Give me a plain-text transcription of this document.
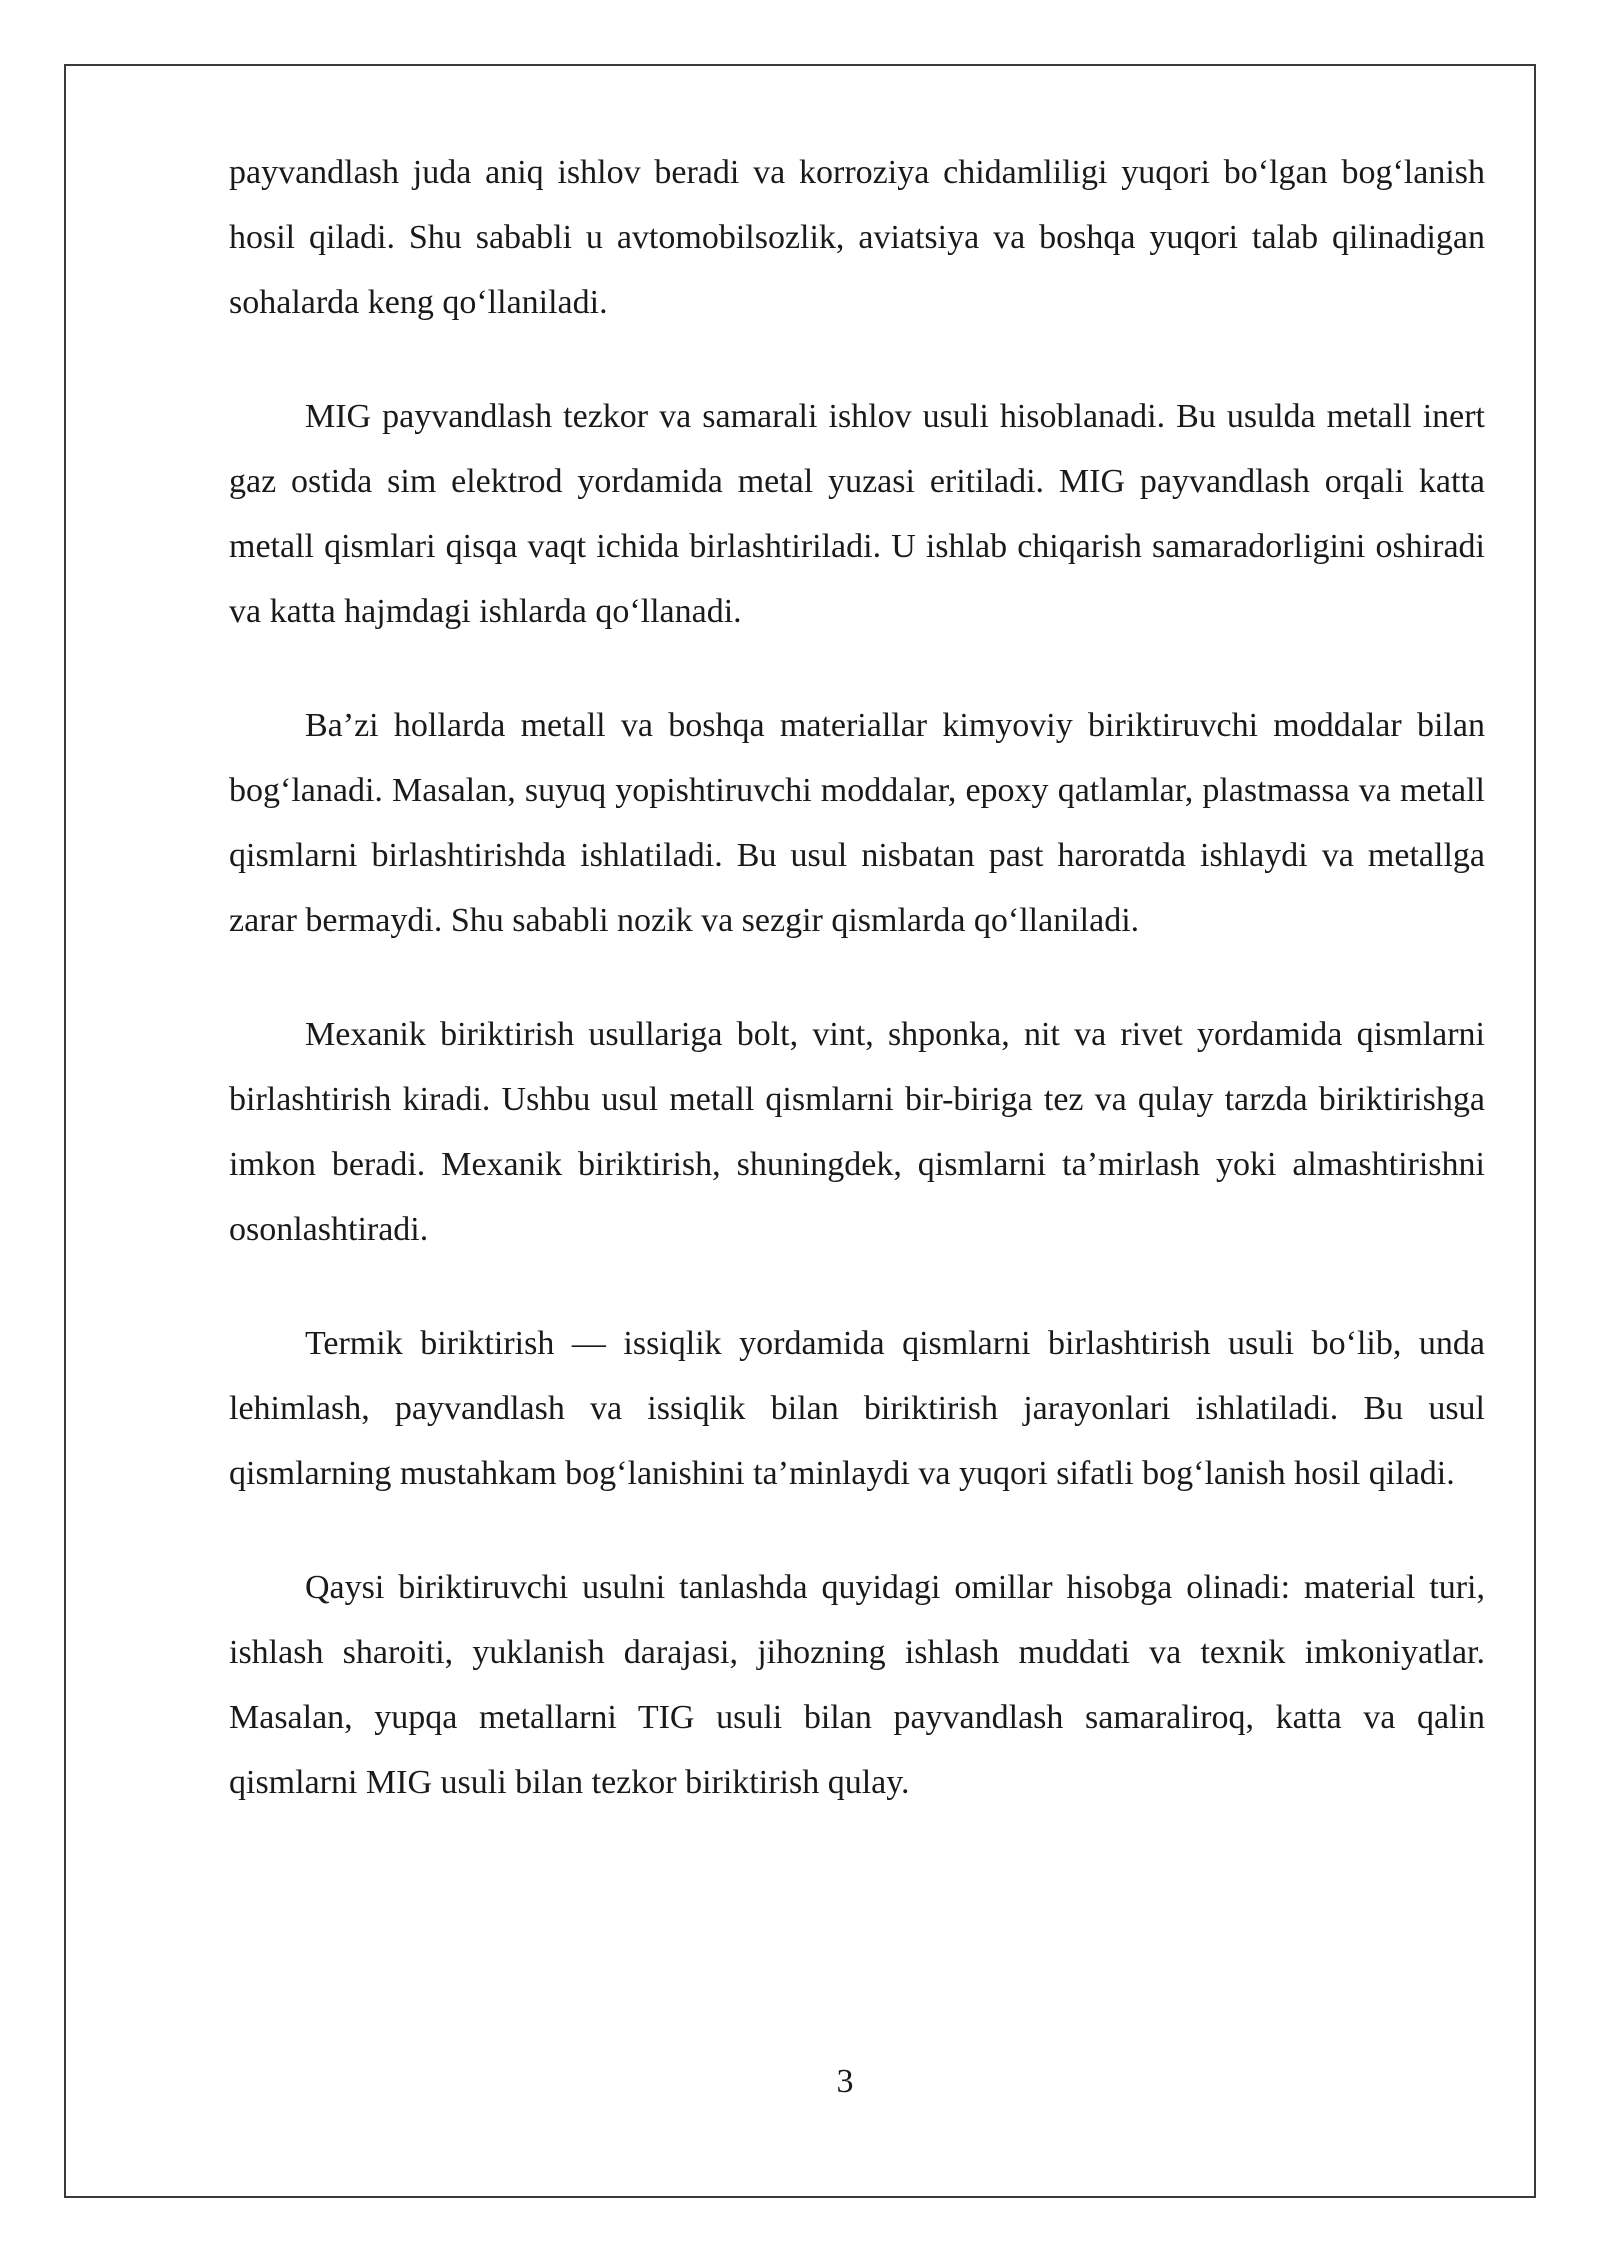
payvandlash juda aniq ishlov beradi va korroziya chidamliligi yuqori bo‘lgan bog‘lanish hosil qiladi. Shu sababli u avtomobilsozlik, aviatsiya va boshqa yuqori talab qilinadigan sohalarda keng qo‘llaniladi.

MIG payvandlash tezkor va samarali ishlov usuli hisoblanadi. Bu usulda metall inert gaz ostida sim elektrod yordamida metal yuzasi eritiladi. MIG payvandlash orqali katta metall qismlari qisqa vaqt ichida birlashtiriladi. U ishlab chiqarish samaradorligini oshiradi va katta hajmdagi ishlarda qo‘llanadi.

Ba’zi hollarda metall va boshqa materiallar kimyoviy biriktiruvchi moddalar bilan bog‘lanadi. Masalan, suyuq yopishtiruvchi moddalar, epoxy qatlamlar, plastmassa va metall qismlarni birlashtirishda ishlatiladi. Bu usul nisbatan past haroratda ishlaydi va metallga zarar bermaydi. Shu sababli nozik va sezgir qismlarda qo‘llaniladi.

Mexanik biriktirish usullariga bolt, vint, shponka, nit va rivet yordamida qismlarni birlashtirish kiradi. Ushbu usul metall qismlarni bir-biriga tez va qulay tarzda biriktirishga imkon beradi. Mexanik biriktirish, shuningdek, qismlarni ta’mirlash yoki almashtirishni osonlashtiradi.

Termik biriktirish — issiqlik yordamida qismlarni birlashtirish usuli bo‘lib, unda lehimlash, payvandlash va issiqlik bilan biriktirish jarayonlari ishlatiladi. Bu usul qismlarning mustahkam bog‘lanishini ta’minlaydi va yuqori sifatli bog‘lanish hosil qiladi.

Qaysi biriktiruvchi usulni tanlashda quyidagi omillar hisobga olinadi: material turi, ishlash sharoiti, yuklanish darajasi, jihozning ishlash muddati va texnik imkoniyatlar. Masalan, yupqa metallarni TIG usuli bilan payvandlash samaraliroq, katta va qalin qismlarni MIG usuli bilan tezkor biriktirish qulay.

3
